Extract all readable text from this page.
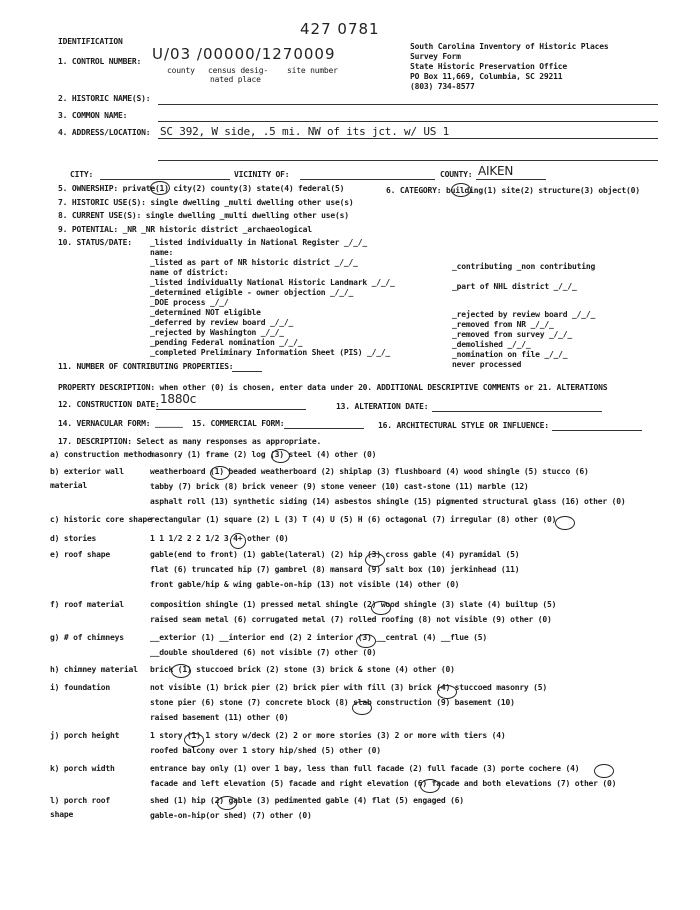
IDENTIFICATION
427 0781
South Carolina Inventory of Historic Places
Survey Form
State Historic Preservation Office
PO Box 11,669, Columbia, SC 29211
(803) 734-8577
1. CONTROL NUMBER: U/03 /00000/1270009
county census desig-
nated place
site number
2. HISTORIC NAME(S):
3. COMMON NAME:
4. ADDRESS/LOCATION: SC 392, W side, .5 mi. NW of its jct. w/ US 1
CITY:	VICINITY OF:	COUNTY: AIKEN
5. OWNERSHIP: private(1) city(2) county(3) state(4) federal(5)	6. CATEGORY: building(1) site(2) structure(3) object(0)
7. HISTORIC USE(S): single dwelling _multi dwelling other use(s)
8. CURRENT USE(S): single dwelling _multi dwelling other use(s)
9. POTENTIAL: _NR _NR historic district _archaeological
10. STATUS/DATE: _listed individually in National Register _/_/_
name:
_listed as part of NR historic district _/_/_
name of district:
_listed individually National Historic Landmark _/_/_
_determined eligible - owner objection _/_/_
_DOE process _/_/
_determined NOT eligible
_deferred by review board _/_/_
_rejected by Washington _/_/_
_pending Federal nomination _/_/_
_completed Preliminary Information Sheet (PIS) _/_/_
_contributing _non contributing
_part of NHL district _/_/_
_rejected by review board _/_/_
_removed from NR _/_/_
_removed from survey _/_/_
_demolished _/_/_
_nomination on file _/_/_
never processed
11. NUMBER OF CONTRIBUTING PROPERTIES:
PROPERTY DESCRIPTION: when other (0) is chosen, enter data under 20. ADDITIONAL DESCRIPTIVE COMMENTS or 21. ALTERATIONS
12. CONSTRUCTION DATE: 1880c
13. ALTERATION DATE:
14. VERNACULAR FORM: ______ 15. COMMERCIAL FORM:	16. ARCHITECTURAL STYLE OR INFLUENCE:
17. DESCRIPTION: Select as many responses as appropriate.
a) construction method
masonry (1) frame (2) log (3) steel (4) other (0)
b) exterior wall
material
weatherboard (1) beaded weatherboard (2) shiplap (3) flushboard (4) wood shingle (5) stucco (6)
tabby (7) brick (8) brick veneer (9) stone veneer (10) cast-stone (11) marble (12)
asphalt roll (13) synthetic siding (14) asbestos shingle (15) pigmented structural glass (16) other (0)
c) historic core shape
rectangular (1) square (2) L (3) T (4) U (5) H (6) octagonal (7) irregular (8) other (0)
d) stories	1 1 1/2 2 2 1/2 3 4+ other (0)
e) roof shape	gable(end to front) (1) gable(lateral) (2) hip (3) cross gable (4) pyramidal (5)
flat (6) truncated hip (7) gambrel (8) mansard (9) salt box (10) jerkinhead (11)
front gable/hip & wing gable-on-hip (13) not visible (14) other (0)
f) roof material	composition shingle (1) pressed metal shingle (2) wood shingle (3) slate (4) builtup (5)
raised seam metal (6) corrugated metal (7) rolled roofing (8) not visible (9) other (0)
g) # of chimneys	__exterior (1) __interior end (2) 2 interior (3) __central (4) __flue (5)
__double shouldered (6) not visible (7) other (0)
h) chimney material brick (1) stuccoed brick (2) stone (3) brick & stone (4) other (0)
i) foundation	not visible (1) brick pier (2) brick pier with fill (3) brick (4) stuccoed masonry (5)
stone pier (6) stone (7) concrete block (8) slab construction (9) basement (10)
raised basement (11) other (0)
j) porch height	1 story (1) 1 story w/deck (2) 2 or more stories (3) 2 or more with tiers (4)
roofed balcony over 1 story hip/shed (5) other (0)
k) porch width	entrance bay only (1) over 1 bay, less than full facade (2) full facade (3) porte cochere (4)
facade and left elevation (5) facade and right elevation (6) facade and both elevations (7) other (0)
l) porch roof
shape
shed (1) hip (2) gable (3) pedimented gable (4) flat (5) engaged (6)
gable-on-hip(or shed) (7) other (0)
